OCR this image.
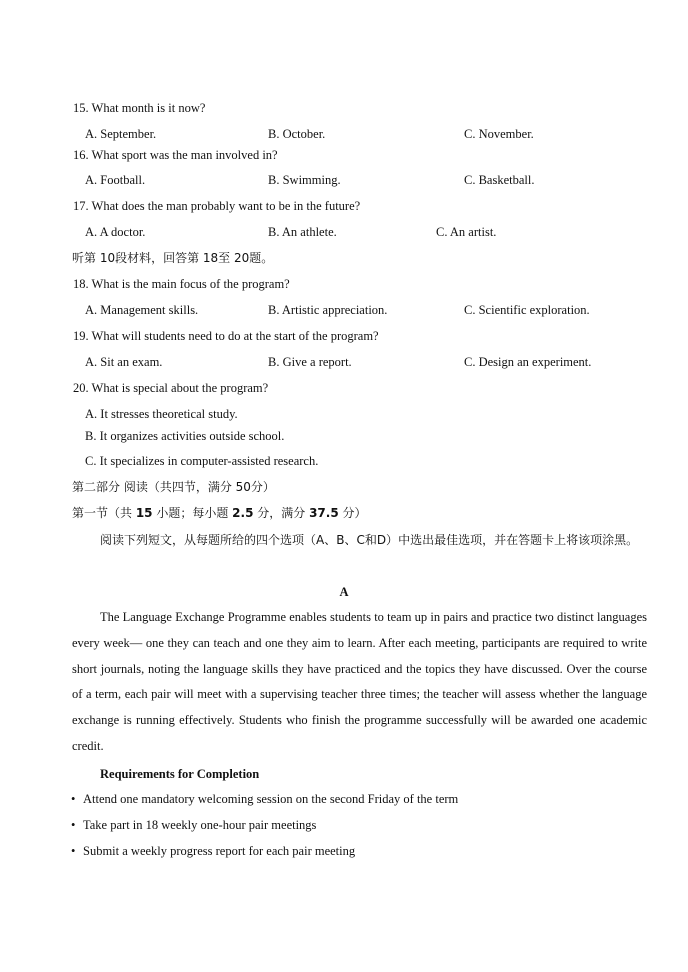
15. What month is it now?
A. September.	B. October.	C. November.
16. What sport was the man involved in?
A. Football.	B. Swimming.	C. Basketball.
17. What does the man probably want to be in the future?
A. A doctor.	B. An athlete.	C. An artist.
听第 10段材料，回答第 18至 20题。
18. What is the main focus of the program?
A. Management skills.	B. Artistic appreciation.	C. Scientific exploration.
19. What will students need to do at the start of the program?
A. Sit an exam.	B. Give a report.	C. Design an experiment.
20. What is special about the program?
A. It stresses theoretical study.
B. It organizes activities outside school.
C. It specializes in computer-assisted research.
第二部分 阅读（共四节，满分 50分）
第一节（共 15 小题；每小题 2.5 分，满分 37.5 分）
阅读下列短文，从每题所给的四个选项（A、B、C和D）中选出最佳选项，并在答题卡上将该项涂黑。
A
The Language Exchange Programme enables students to team up in pairs and practice two distinct languages every week— one they can teach and one they aim to learn. After each meeting, participants are required to write short journals, noting the language skills they have practiced and the topics they have discussed. Over the course of a term, each pair will meet with a supervising teacher three times; the teacher will assess whether the language exchange is running effectively. Students who finish the programme successfully will be awarded one academic credit.
Requirements for Completion
• Attend one mandatory welcoming session on the second Friday of the term
• Take part in 18 weekly one-hour pair meetings
• Submit a weekly progress report for each pair meeting
